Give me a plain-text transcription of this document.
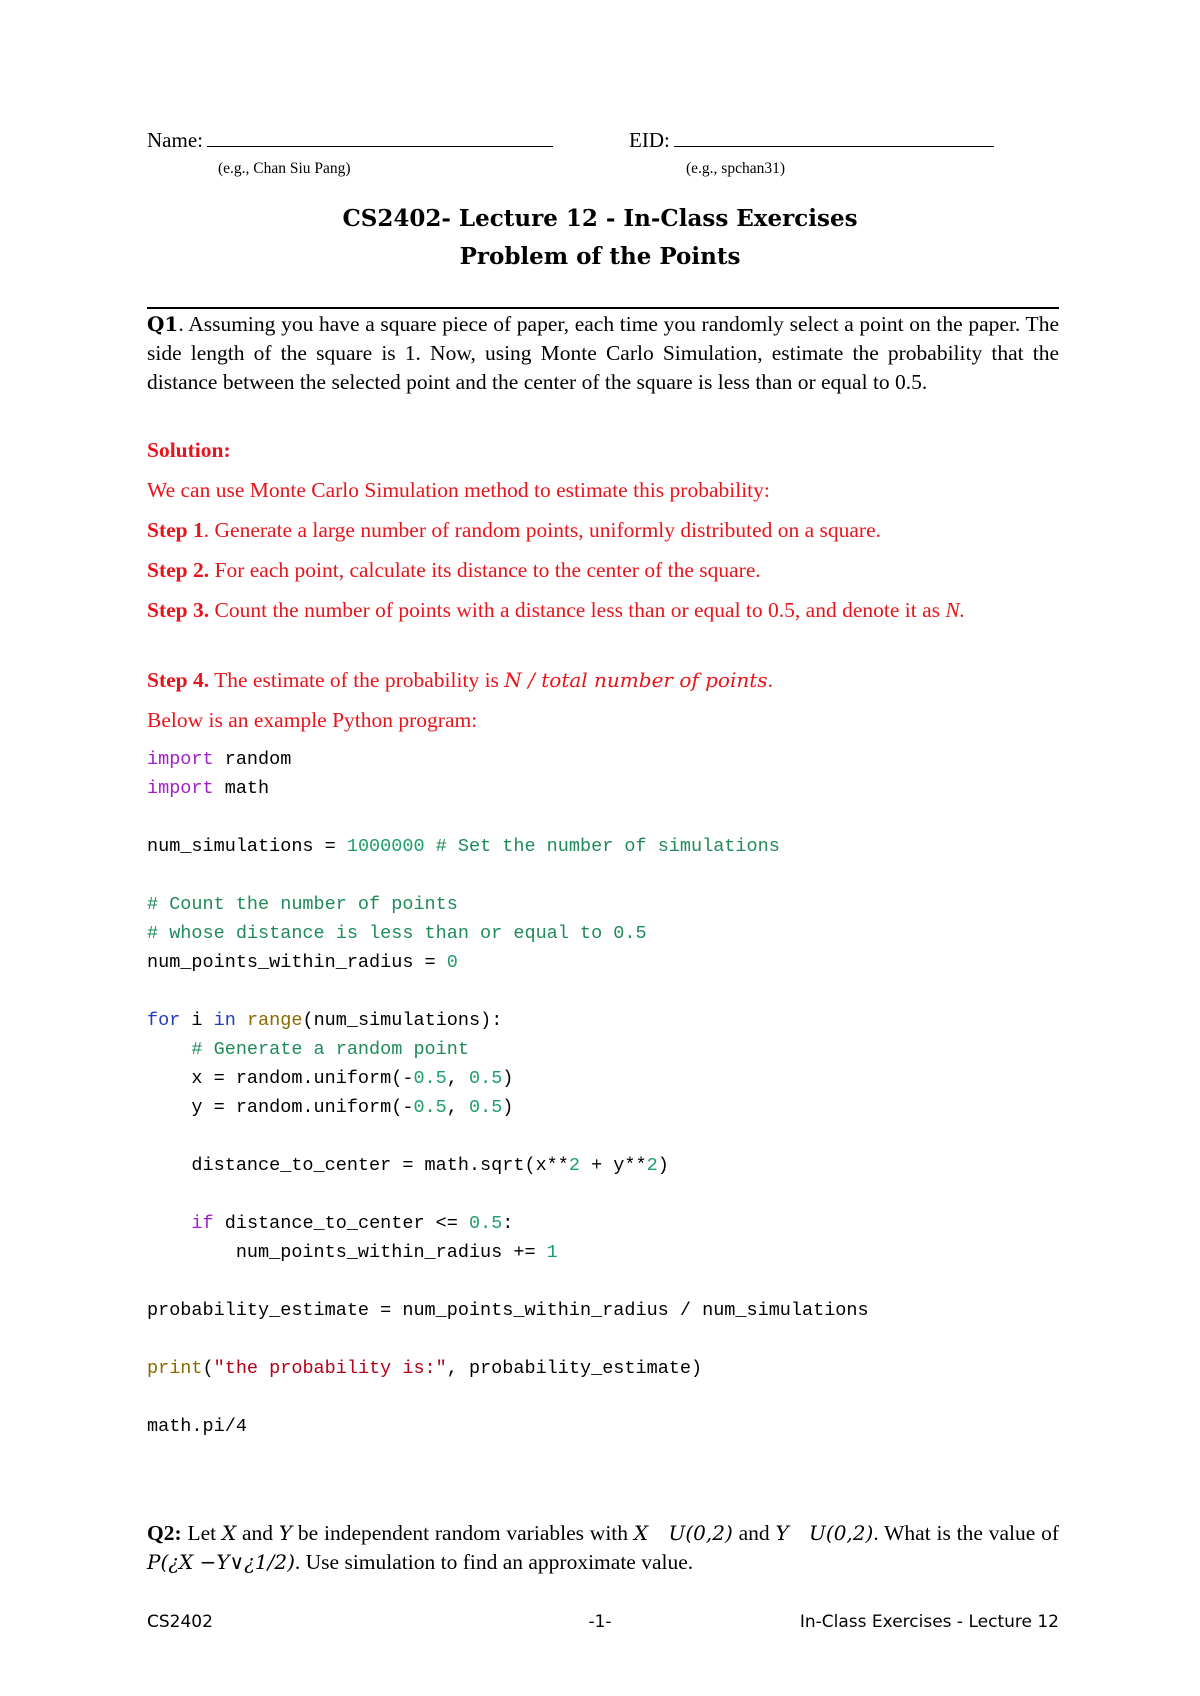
Name:
(e.g., Chan Siu Pang)
EID:
(e.g., spchan31)
CS2402- Lecture 12 - In-Class Exercises
Problem of the Points
Q1. Assuming you have a square piece of paper, each time you randomly select a point on the paper. The side length of the square is 1. Now, using Monte Carlo Simulation, estimate the probability that the distance between the selected point and the center of the square is less than or equal to 0.5.
Solution:
We can use Monte Carlo Simulation method to estimate this probability:
Step 1. Generate a large number of random points, uniformly distributed on a square.
Step 2. For each point, calculate its distance to the center of the square.
Step 3. Count the number of points with a distance less than or equal to 0.5, and denote it as N.
Step 4. The estimate of the probability is N / total number of points.
Below is an example Python program:
import random
import math
num_simulations = 1000000 # Set the number of simulations
# Count the number of points
# whose distance is less than or equal to 0.5
num_points_within_radius = 0
for i in range(num_simulations):
# Generate a random point
x = random.uniform(-0.5, 0.5)
y = random.uniform(-0.5, 0.5)
distance_to_center = math.sqrt(x**2 + y**2)
if distance_to_center <= 0.5:
num_points_within_radius += 1
probability_estimate = num_points_within_radius / num_simulations
print("the probability is:", probability_estimate)
math.pi/4
Q2: Let X and Y be independent random variables with X   U(0,2) and Y   U(0,2). What is the value of P(¿X −Y∨¿1/2). Use simulation to find an approximate value.
CS2402	-1-	In-Class Exercises - Lecture 12
